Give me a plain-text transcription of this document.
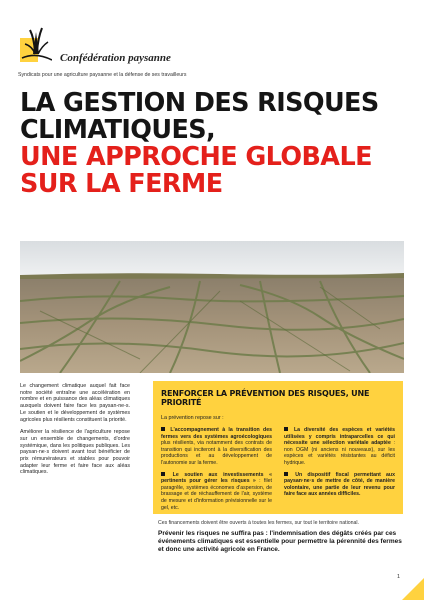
Confédération paysanne
Syndicats pour une agriculture paysanne et la défense de ses travailleurs
LA GESTION DES RISQUES
CLIMATIQUES,
UNE APPROCHE GLOBALE
SUR LA FERME

Le changement climatique auquel fait face notre société entraîne une accélération en nombre et en puissance des aléas climatiques auxquels doivent faire face les paysan-ne-s. Le soutien et le développement de systèmes agricoles plus résilients constituent la priorité.

Améliorer la résilience de l'agriculture repose sur un ensemble de changements, d'ordre systémique, dans les politiques publiques. Les paysan·ne·s doivent avant tout bénéficier de prix rémunérateurs et stables pour pouvoir adapter leur ferme et faire face aux aléas climatiques.

RENFORCER LA PRÉVENTION DES RISQUES, UNE PRIORITÉ
La prévention repose sur :
L'accompagnement à la transition des fermes vers des systèmes agroécologiques plus résilients, via notamment des contrats de transition qui inciteront à la diversification des productions et au développement de l'autonomie sur la ferme.
Le soutien aux investissements « pertinents pour gérer les risques » : filet paragrêle, systèmes économes d'aspersion, de brassage et de réchauffement de l'air, système de mesure et d'information prévisionnelle sur le gel, etc.
La diversité des espèces et variétés utilisées y compris intraparcelles ce qui nécessite une sélection variétale adaptée : non OGM (ni anciens ni nouveaux), sur les espèces et variétés résistantes au déficit hydrique.
Un dispositif fiscal permettant aux paysan·ne·s de mettre de côté, de manière volontaire, une partie de leur revenu pour faire face aux années difficiles.
Ces financements doivent être ouverts à toutes les fermes, sur tout le territoire national.
Prévenir les risques ne suffira pas : l'indemnisation des dégâts créés par ces événements climatiques est essentielle pour permettre la pérennité des fermes et donc une activité agricole en France.
1
